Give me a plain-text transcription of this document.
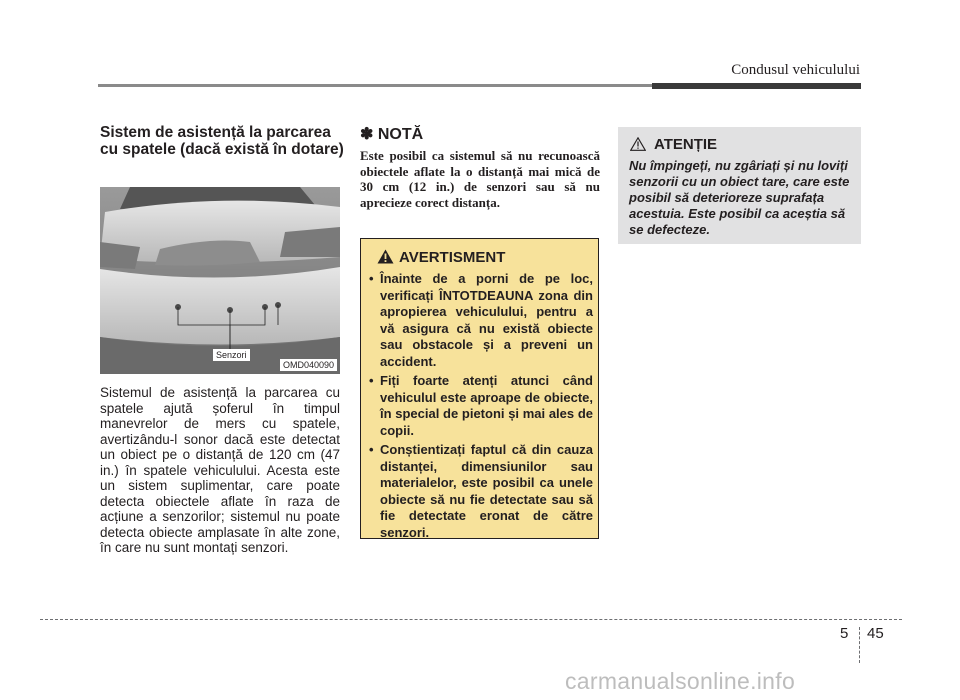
Condusul vehiculului
Sistem de asistență la parcarea cu spatele (dacă există în dotare)
Senzori
OMD040090
Sistemul de asistență la parcarea cu spatele ajută șoferul în timpul manevrelor de mers cu spatele, avertizându-l sonor dacă este detectat un obiect pe o distanță de 120 cm (47 in.) în spatele vehiculului. Acesta este un sistem suplimentar, care poate detecta obiectele aflate în raza de acțiune a senzorilor; sistemul nu poate detecta obiecte amplasate în alte zone, în care nu sunt montați senzori.
✽ NOTĂ
Este posibil ca sistemul să nu recunoască obiectele aflate la o distanță mai mică de 30 cm (12 in.) de senzori sau să nu aprecieze corect distanța.
AVERTISMENT
• Înainte de a porni de pe loc, verificați ÎNTOTDEAUNA zona din apropierea vehiculului, pentru a vă asigura că nu există obiecte sau obstacole și a preveni un accident.
• Fiți foarte atenți atunci când vehiculul este aproape de obiecte, în special de pietoni și mai ales de copii.
• Conștientizați faptul că din cauza distanței, dimensiunilor sau materialelor, este posibil ca unele obiecte să nu fie detectate sau să fie detectate eronat de către senzori.
ATENȚIE
Nu împingeți, nu zgâriați și nu loviți senzorii cu un obiect tare, care este posibil să deterioreze suprafața acestuia. Este posibil ca aceștia să se defecteze.
5 45
carmanualsonline.info
